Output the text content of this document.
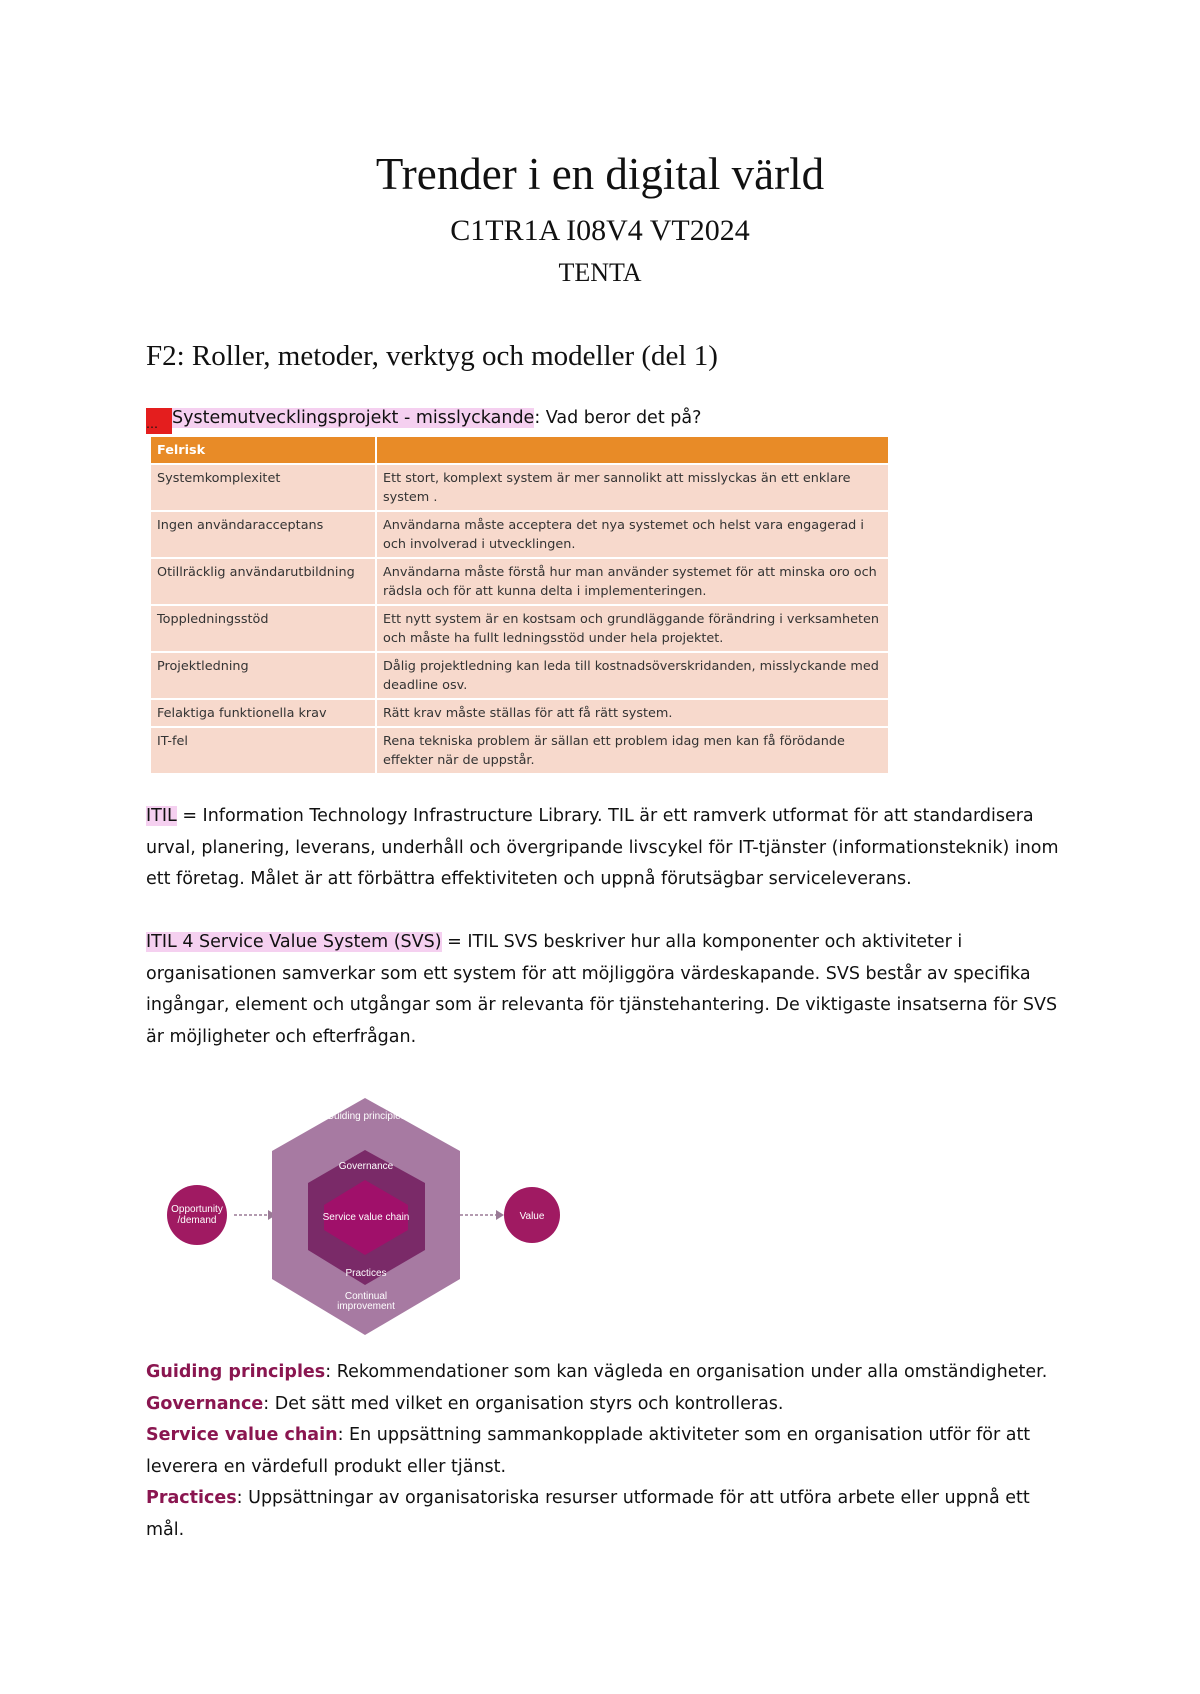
Trender i en digital värld
C1TR1A I08V4 VT2024
TENTA
F2: Roller, metoder, verktyg och modeller (del 1)
… Systemutvecklingsprojekt - misslyckande: Vad beror det på?
Felrisk	
Systemkomplexitet	Ett stort, komplext system är mer sannolikt att misslyckas än ett enklare system .
Ingen användaracceptans	Användarna måste acceptera det nya systemet och helst vara engagerad i och involverad i utvecklingen.
Otillräcklig användarutbildning	Användarna måste förstå hur man använder systemet för att minska oro och rädsla och för att kunna delta i implementeringen.
Toppledningsstöd	Ett nytt system är en kostsam och grundläggande förändring i verksamheten och måste ha fullt ledningsstöd under hela projektet.
Projektledning	Dålig projektledning kan leda till kostnadsöverskridanden, misslyckande med deadline osv.
Felaktiga funktionella krav	Rätt krav måste ställas för att få rätt system.
IT-fel	Rena tekniska problem är sällan ett problem idag men kan få förödande effekter när de uppstår.
ITIL = Information Technology Infrastructure Library. TIL är ett ramverk utformat för att standardisera urval, planering, leverans, underhåll och övergripande livscykel för IT-tjänster (informationsteknik) inom ett företag. Målet är att förbättra effektiviteten och uppnå förutsägbar serviceleverans.
ITIL 4 Service Value System (SVS) = ITIL SVS beskriver hur alla komponenter och aktiviteter i organisationen samverkar som ett system för att möjliggöra värdeskapande. SVS består av specifika ingångar, element och utgångar som är relevanta för tjänstehantering. De viktigaste insatserna för SVS är möjligheter och efterfrågan.
Guiding principles
Governance
Service value chain
Practices
Continual
improvement
Opportunity
/demand	Value
Guiding principles: Rekommendationer som kan vägleda en organisation under alla omständigheter.
Governance: Det sätt med vilket en organisation styrs och kontrolleras.
Service value chain: En uppsättning sammankopplade aktiviteter som en organisation utför för att leverera en värdefull produkt eller tjänst.
Practices: Uppsättningar av organisatoriska resurser utformade för att utföra arbete eller uppnå ett mål.
